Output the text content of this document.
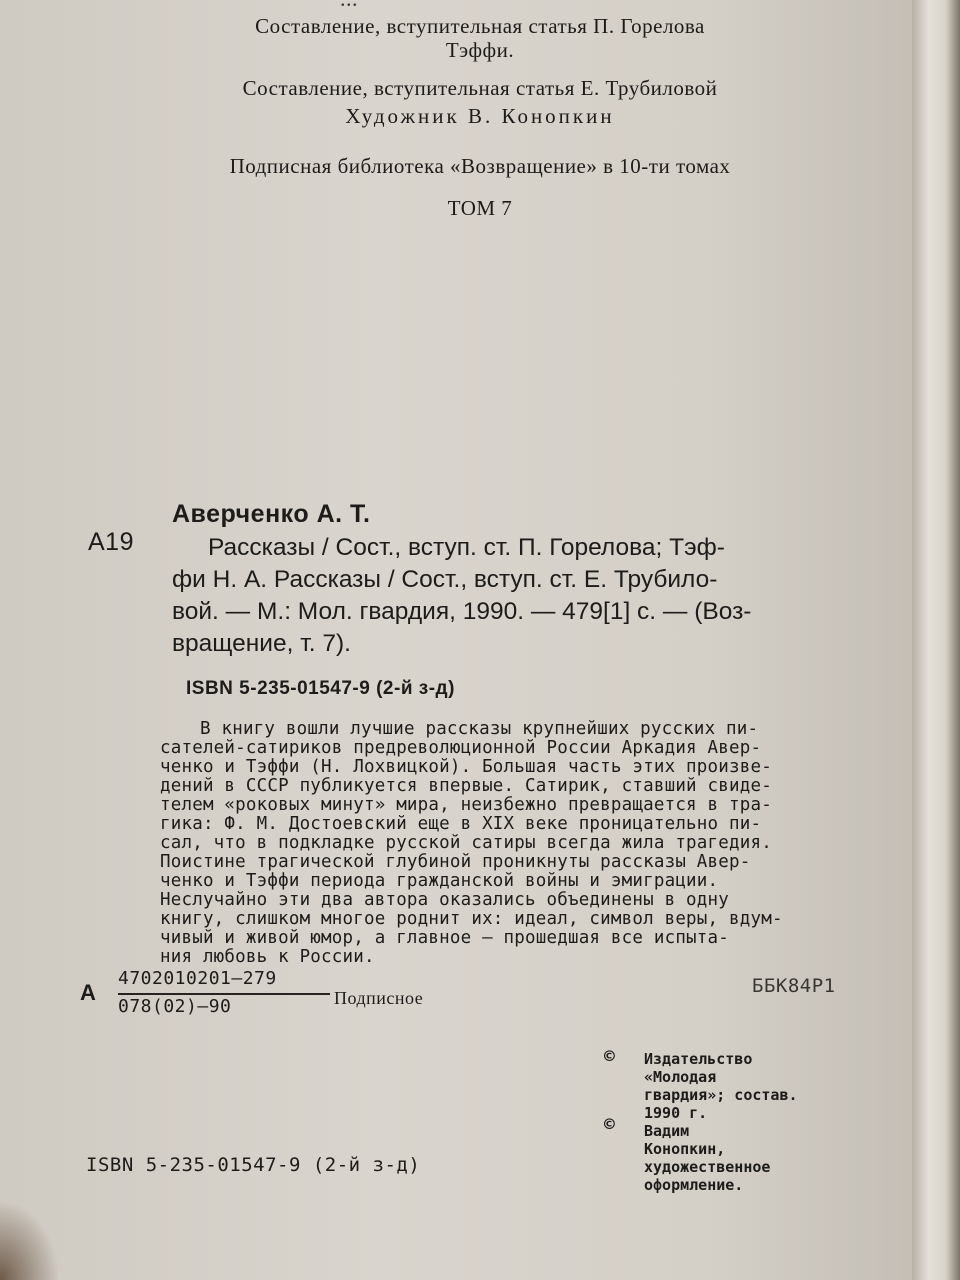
Составление, вступительная статья П. Горелова
Тэффи.
Составление, вступительная статья Е. Трубиловой
Художник В. Конопкин
Подписная библиотека «Возвращение» в 10-ти томах
ТОМ 7
Аверченко А. Т.
А19	Рассказы / Сост., вступ. ст. П. Горелова; Тэф-
фи Н. А. Рассказы / Сост., вступ. ст. Е. Трубило-
вой. — М.: Мол. гвардия, 1990. — 479[1] с. — (Воз-
вращение, т. 7).
ISBN 5-235-01547-9 (2-й з-д)
В книгу вошли лучшие рассказы крупнейших русских пи-
сателей-сатириков предреволюционной России Аркадия Авер-
ченко и Тэффи (Н. Лохвицкой). Большая часть этих произве-
дений в СССР публикуется впервые. Сатирик, ставший свиде-
телем «роковых минут» мира, неизбежно превращается в тра-
гика: Ф. М. Достоевский еще в XIX веке проницательно пи-
сал, что в подкладке русской сатиры всегда жила трагедия.
Поистине трагической глубиной проникнуты рассказы Авер-
ченко и Тэффи периода гражданской войны и эмиграции.
Неслучайно эти два автора оказались объединены в одну
книгу, слишком многое роднит их: идеал, символ веры, вдум-
чивый и живой юмор, а главное — прошедшая все испыта-
ния любовь к России.
А
4702010201—279
078(02)—90	Подписное
ББК84Р1
© Издательство
«Молодая
гвардия»; состав.
1990 г.
© Вадим
Конопкин,
художественное
оформление.
ISBN 5-235-01547-9 (2-й з-д)
